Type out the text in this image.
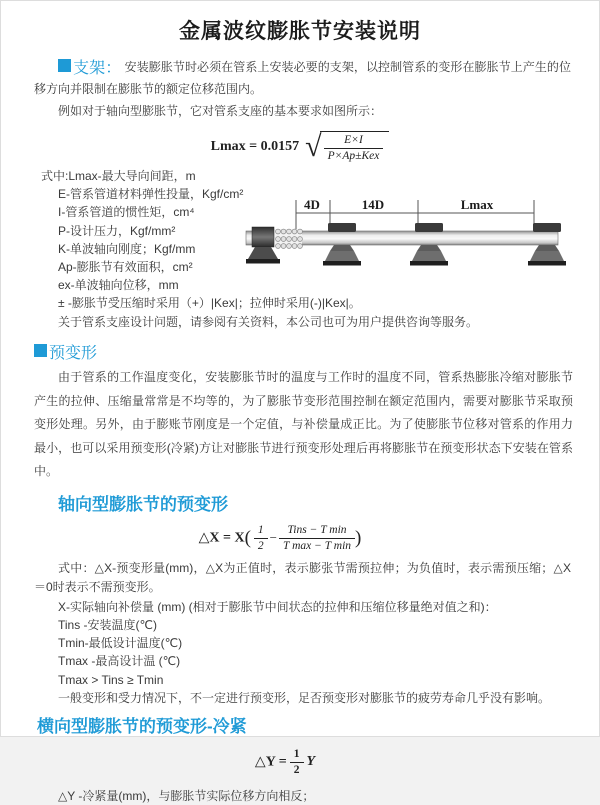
金属波纹膨胀节安装说明
支架： 安装膨胀节时必须在管系上安装必要的支架，以控制管系的变形在膨胀节上产生的位移方向并限制在膨胀节的额定位移范围内。
例如对于轴向型膨胀节，它对管系支座的基本要求如图所示：
Lmax = 0.0157 √ $\frac{E\times I}{\text{P×Ap±Kex}}$
式中:Lmax-最大导向间距，m
E-管系管道材料弹性投量，Kgf/cm²
I-管系管道的惯性矩，cm⁴
P-设计压力，Kgf/mm²
K-单波轴向刚度；Kgf/mm
Ap-膨胀节有效面积，cm²
ex-单波轴向位移，mm
± -膨胀节受压缩时采用（+）|Kex|；拉伸时采用(-)|Kex|。
4D	14D	Lmax
关于管系支座设计问题，请参阅有关资料，本公司也可为用户提供咨询等服务。
预变形
由于管系的工作温度变化，安装膨胀节时的温度与工作时的温度不同，管系热膨胀冷缩对膨胀节产生的拉伸、压缩量常常是不均等的，为了膨胀节变形范围控制在额定范围内，需要对膨胀节采取预变形处理。另外，由于膨账节刚度是一个定值，与补偿量成正比。为了使膨胀节位移对管系的作用力最小，也可以采用预变形(冷紧)方让对膨胀节进行预变形处理后再将膨胀节在预变形状态下安装在管系中。
轴向型膨胀节的预变形
△X = $X( \frac{1}{2} - \frac{\text{Tins − T min}}{\text{T max − T min}}$ )
式中：△X-预变形量(mm)，△X为正值时，表示膨张节需预拉伸；为负值时，表示需预压缩；△X＝0时表示不需预变形。
X-实际轴向补偿量 (mm) (相对于膨胀节中间状态的拉伸和压缩位移量绝对值之和)：
Tins -安装温度(℃)
Tmin-最低设计温度(℃)
Tmax -最高设计温 (℃)
Tmax > Tins ≥ Tmin
一般变形和受力情况下，不一定进行预变形，足否预变形对膨胀节的疲劳寿命几乎没有影响。
横向型膨胀节的预变形-冷紧
△Y = $\frac{1}{2}$ Y
△Y -冷紧量(mm)，与膨胀节实际位移方向相反；
